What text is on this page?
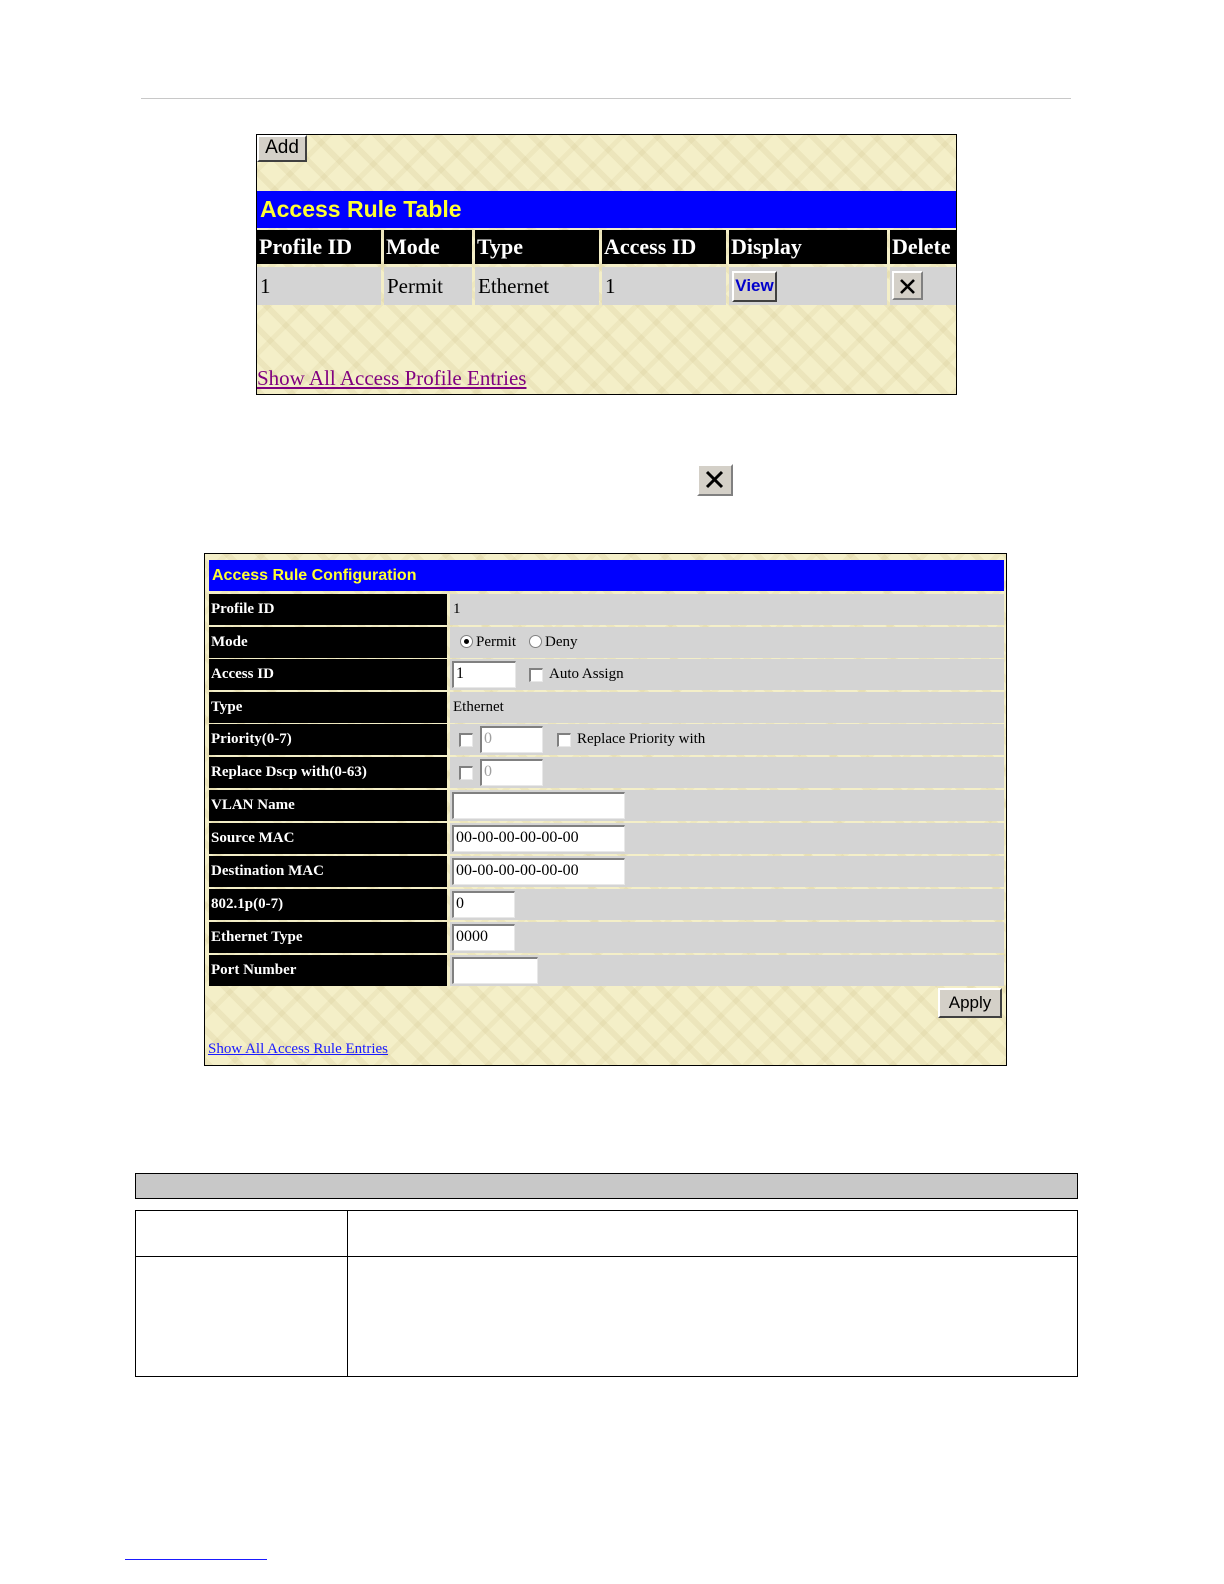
Add
Access Rule Table
Profile ID	Mode	Type	Access ID	Display	Delete
1	Permit	Ethernet	1	View
Show All Access Profile Entries
Access Rule Configuration
Profile ID	1
Mode	Permit Deny
Access ID	1	Auto Assign
Type	Ethernet
Priority(0-7)	0	Replace Priority with
Replace Dscp with(0-63)	0
VLAN Name
Source MAC	00-00-00-00-00-00
Destination MAC	00-00-00-00-00-00
802.1p(0-7)	0
Ethernet Type	0000
Port Number
Apply
Show All Access Rule Entries
